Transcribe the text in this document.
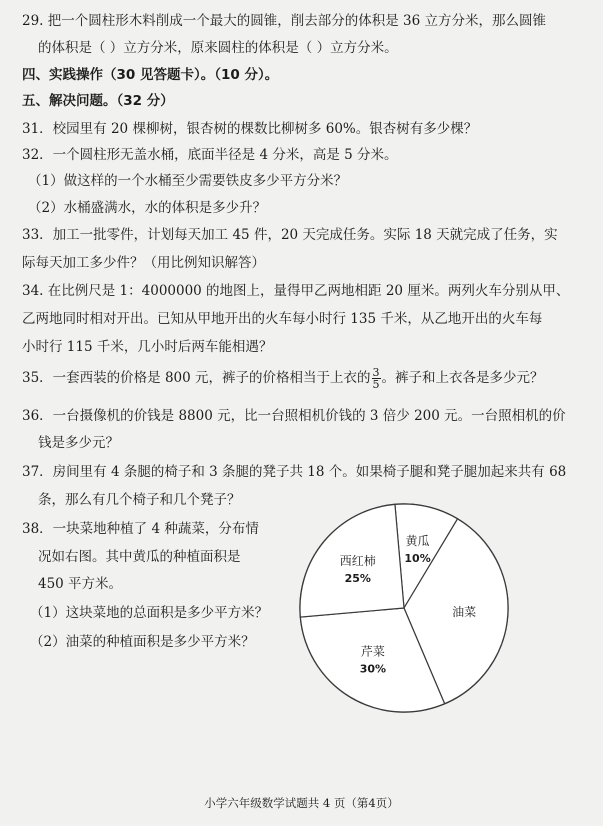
29. 把一个圆柱形木料削成一个最大的圆锥，削去部分的体积是 36 立方分米，那么圆锥
的体积是（ ）立方分米，原来圆柱的体积是（ ）立方分米。
四、实践操作（30 见答题卡）。（10 分）。
五、解决问题。（32 分）
31．校园里有 20 棵柳树，银杏树的棵数比柳树多 60%。银杏树有多少棵？
32．一个圆柱形无盖水桶，底面半径是 4 分米，高是 5 分米。
（1）做这样的一个水桶至少需要铁皮多少平方分米？
（2）水桶盛满水，水的体积是多少升？
33．加工一批零件，计划每天加工 45 件，20 天完成任务。实际 18 天就完成了任务，实
际每天加工多少件？（用比例知识解答）
34. 在比例尺是 1：4000000 的地图上，量得甲乙两地相距 20 厘米。两列火车分别从甲、
乙两地同时相对开出。已知从甲地开出的火车每小时行 135 千米，从乙地开出的火车每
小时行 115 千米，几小时后两车能相遇？
35．一套西装的价格是 800 元，裤子的价格相当于上衣的 $\frac{3}{5}$ 。裤子和上衣各是多少元？
36．一台摄像机的价钱是 8800 元，比一台照相机价钱的 3 倍少 200 元。一台照相机的价
钱是多少元？
37．房间里有 4 条腿的椅子和 3 条腿的凳子共 18 个。如果椅子腿和凳子腿加起来共有 68
条，那么有几个椅子和几个凳子？
38．一块菜地种植了 4 种蔬菜，分布情
况如右图。其中黄瓜的种植面积是
450 平方米。
（1）这块菜地的总面积是多少平方米？
（2）油菜的种植面积是多少平方米？
黄瓜
10%
油菜
芹菜
30%
西红柿
25%
小学六年级数学试题共 4 页（第4页）
